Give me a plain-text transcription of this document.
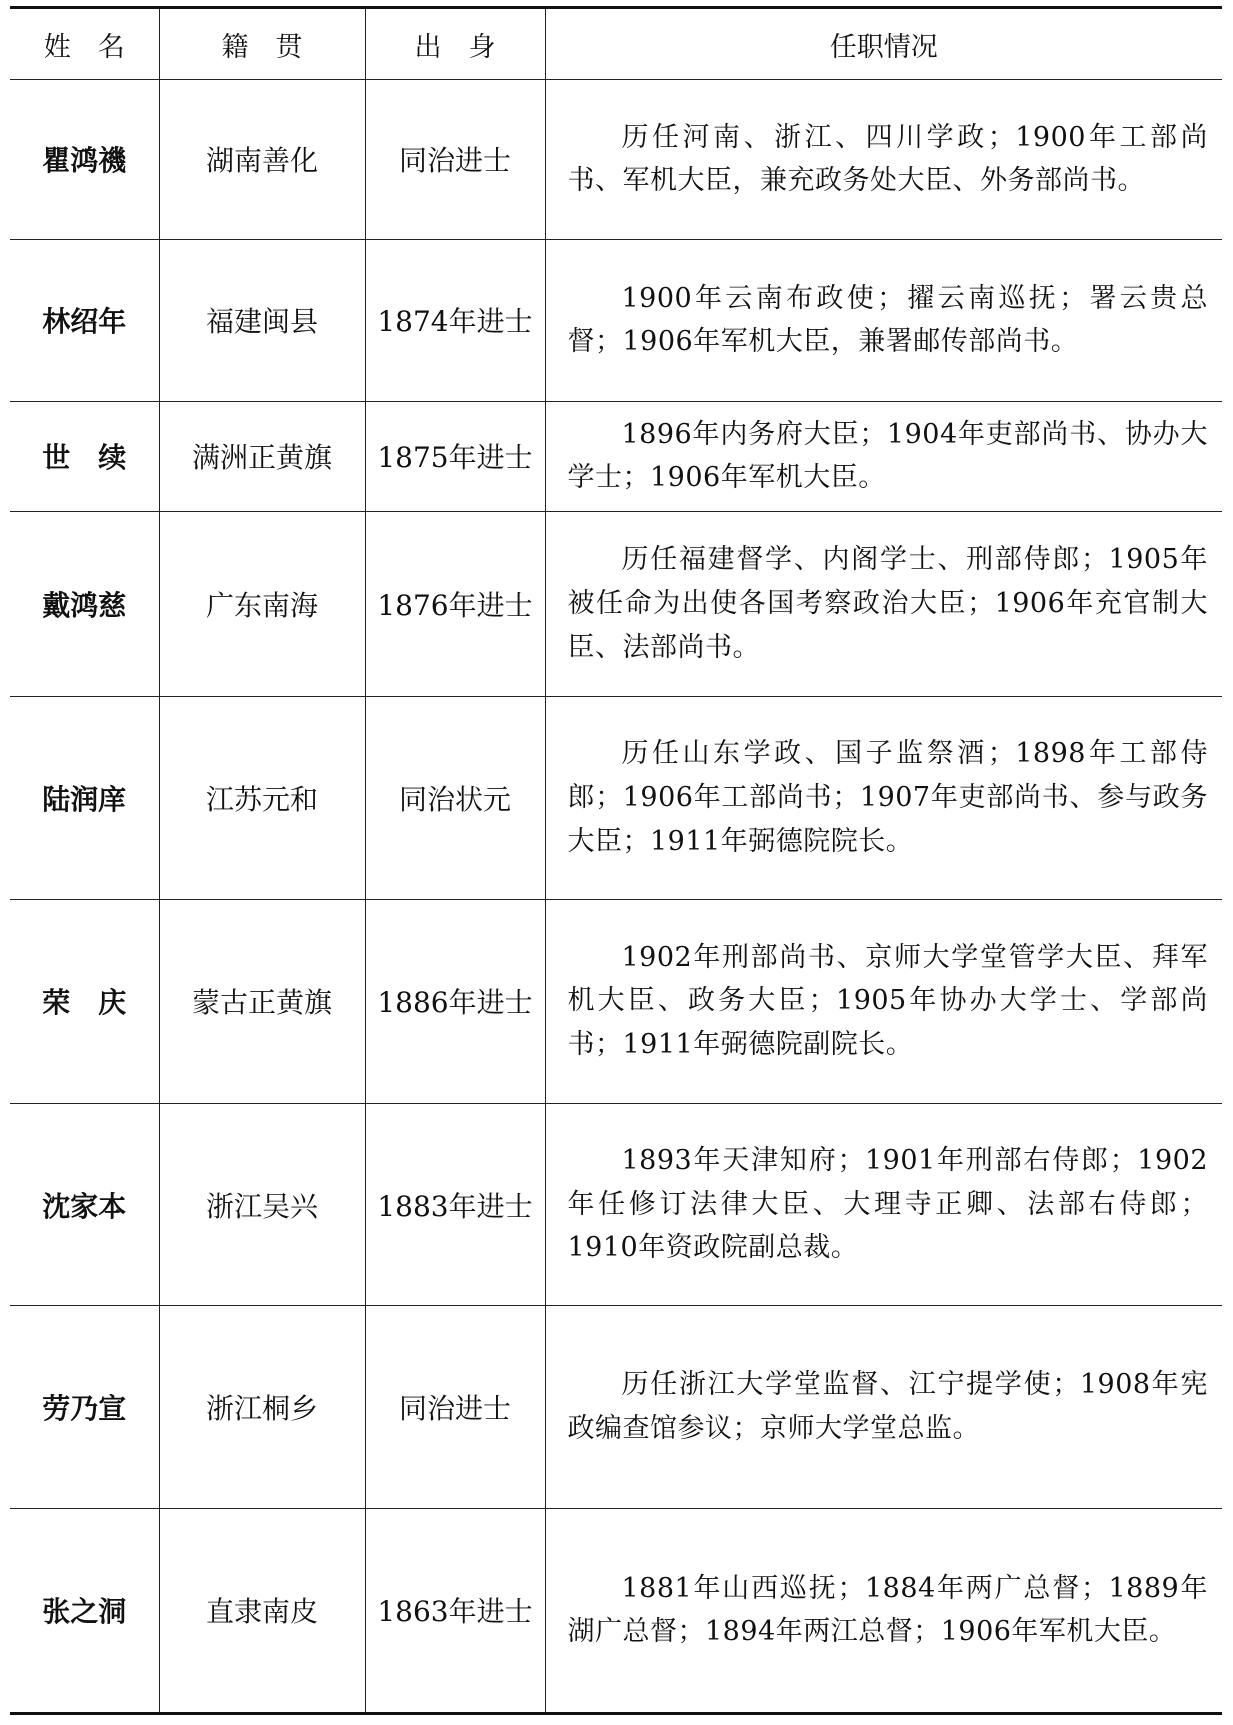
姓　名	籍　贯	出　身	任职情况
瞿鸿禨	湖南善化	同治进士	历任河南、浙江、四川学政；1900年工部尚书、军机大臣，兼充政务处大臣、外务部尚书。
林绍年	福建闽县	1874年进士	1900年云南布政使；擢云南巡抚；署云贵总督；1906年军机大臣，兼署邮传部尚书。
世　续	满洲正黄旗	1875年进士	1896年内务府大臣；1904年吏部尚书、协办大学士；1906年军机大臣。
戴鸿慈	广东南海	1876年进士	历任福建督学、内阁学士、刑部侍郎；1905年被任命为出使各国考察政治大臣；1906年充官制大臣、法部尚书。
陆润庠	江苏元和	同治状元	历任山东学政、国子监祭酒；1898年工部侍郎；1906年工部尚书；1907年吏部尚书、参与政务大臣；1911年弼德院院长。
荣　庆	蒙古正黄旗	1886年进士	1902年刑部尚书、京师大学堂管学大臣、拜军机大臣、政务大臣；1905年协办大学士、学部尚书；1911年弼德院副院长。
沈家本	浙江吴兴	1883年进士	1893年天津知府；1901年刑部右侍郎；1902年任修订法律大臣、大理寺正卿、法部右侍郎；1910年资政院副总裁。
劳乃宣	浙江桐乡	同治进士	历任浙江大学堂监督、江宁提学使；1908年宪政编查馆参议；京师大学堂总监。
张之洞	直隶南皮	1863年进士	1881年山西巡抚；1884年两广总督；1889年湖广总督；1894年两江总督；1906年军机大臣。
